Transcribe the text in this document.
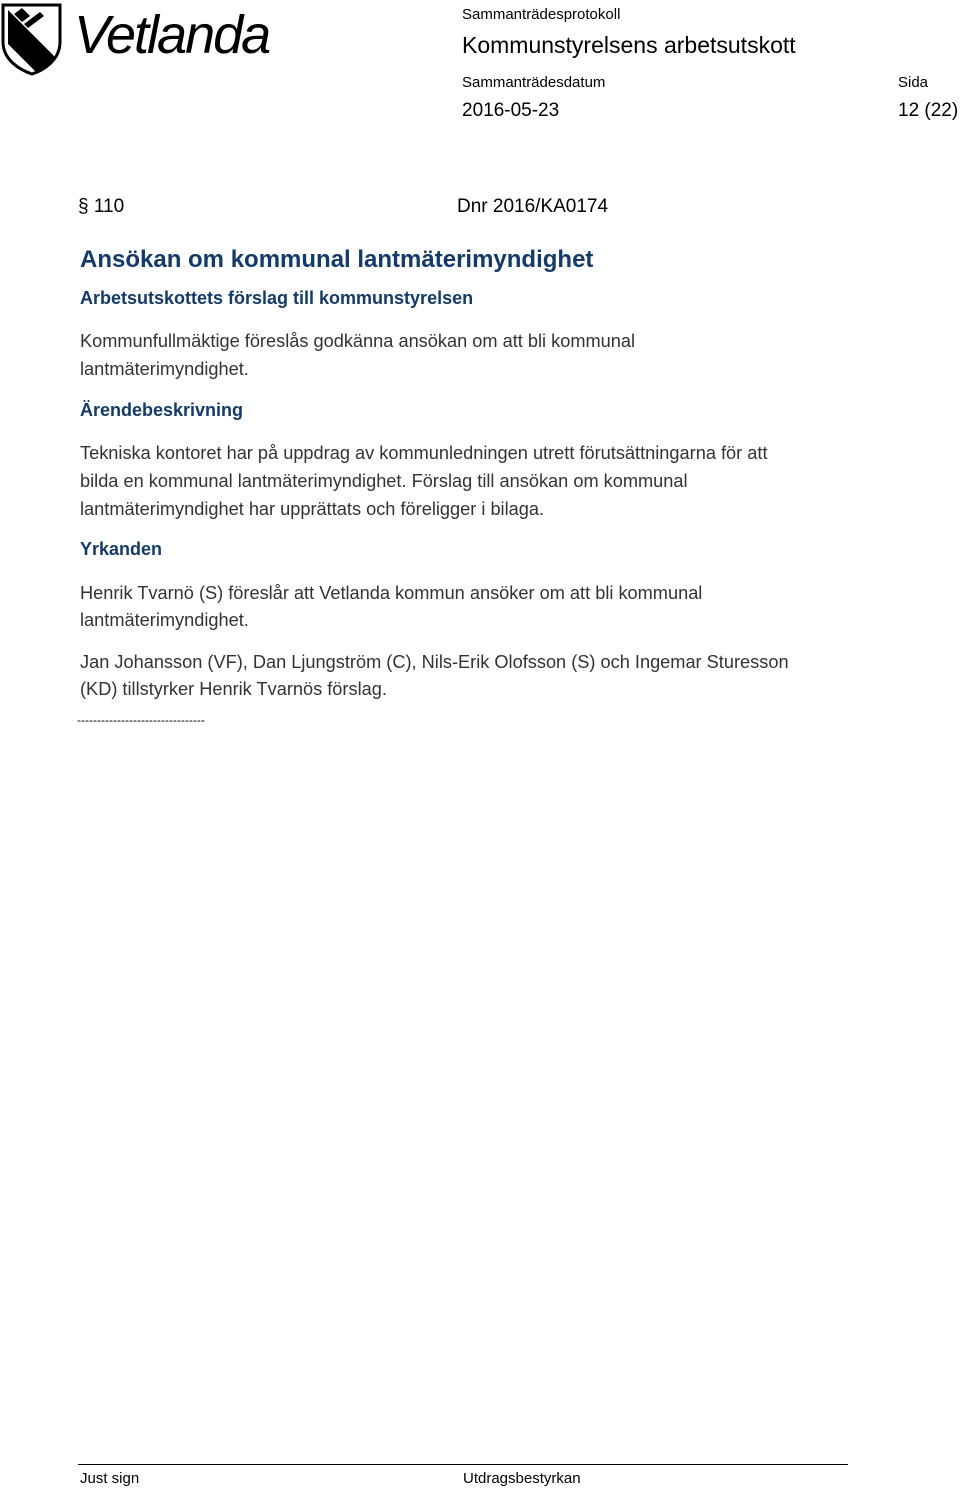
Vetlanda	Sammanträdesprotokoll
Kommunstyrelsens arbetsutskott
Sammanträdesdatum	Sida
2016-05-23	12 (22)
§ 110	Dnr 2016/KA0174
Ansökan om kommunal lantmäterimyndighet
Arbetsutskottets förslag till kommunstyrelsen
Kommunfullmäktige föreslås godkänna ansökan om att bli kommunal
lantmäterimyndighet.
Ärendebeskrivning
Tekniska kontoret har på uppdrag av kommunledningen utrett förutsättningarna för att
bilda en kommunal lantmäterimyndighet. Förslag till ansökan om kommunal
lantmäterimyndighet har upprättats och föreligger i bilaga.
Yrkanden
Henrik Tvarnö (S) föreslår att Vetlanda kommun ansöker om att bli kommunal
lantmäterimyndighet.
Jan Johansson (VF), Dan Ljungström (C), Nils-Erik Olofsson (S) och Ingemar Sturesson
(KD) tillstyrker Henrik Tvarnös förslag.
--------------------------------
Just sign	Utdragsbestyrkan
